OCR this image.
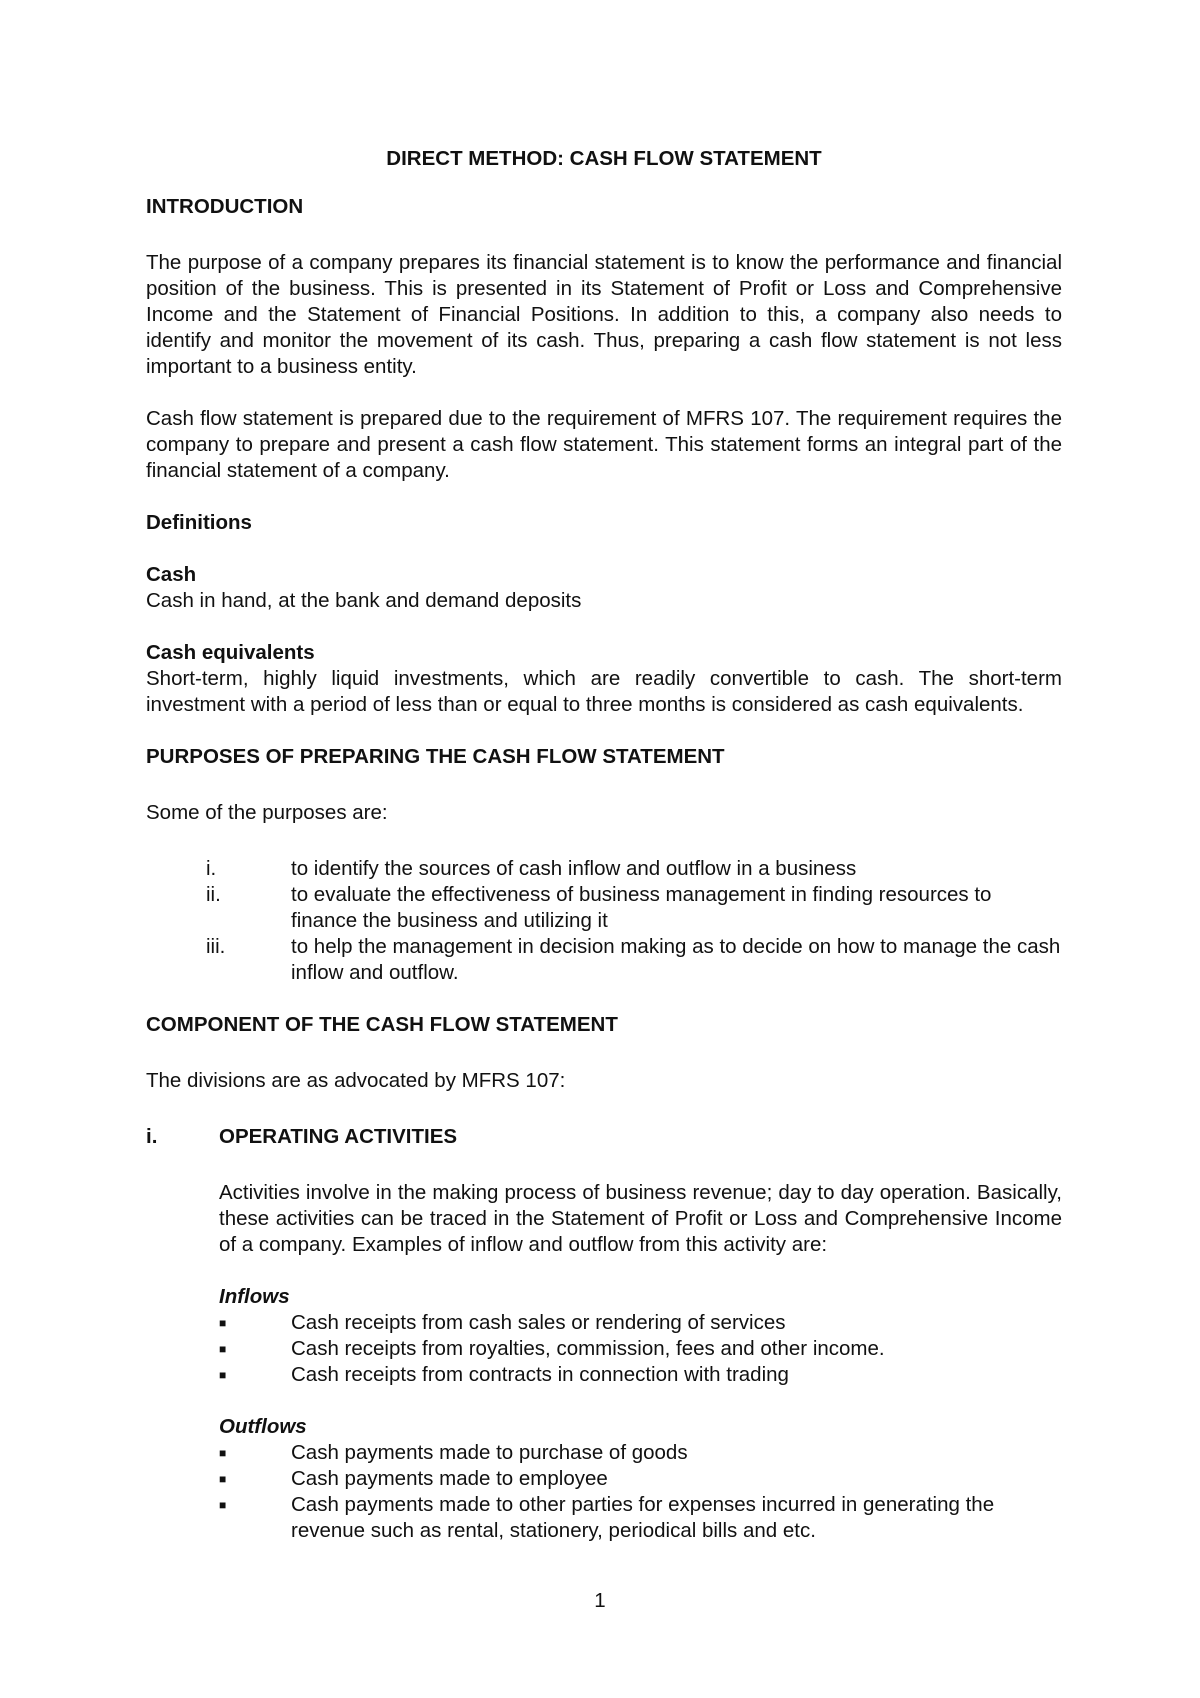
DIRECT METHOD: CASH FLOW STATEMENT

INTRODUCTION

The purpose of a company prepares its financial statement is to know the performance and financial position of the business. This is presented in its Statement of Profit or Loss and Comprehensive Income and the Statement of Financial Positions. In addition to this, a company also needs to identify and monitor the movement of its cash. Thus, preparing a cash flow statement is not less important to a business entity.

Cash flow statement is prepared due to the requirement of MFRS 107. The requirement requires the company to prepare and present a cash flow statement. This statement forms an integral part of the financial statement of a company.

Definitions

Cash

Cash in hand, at the bank and demand deposits

Cash equivalents

Short-term, highly liquid investments, which are readily convertible to cash. The short-term investment with a period of less than or equal to three months is considered as cash equivalents.

PURPOSES OF PREPARING THE CASH FLOW STATEMENT

Some of the purposes are:

i.	to identify the sources of cash inflow and outflow in a business
ii.	to evaluate the effectiveness of business management in finding resources to finance the business and utilizing it
iii.	to help the management in decision making as to decide on how to manage the cash inflow and outflow.

COMPONENT OF THE CASH FLOW STATEMENT

The divisions are as advocated by MFRS 107:

i.	OPERATING ACTIVITIES

Activities involve in the making process of business revenue; day to day operation. Basically, these activities can be traced in the Statement of Profit or Loss and Comprehensive Income of a company. Examples of inflow and outflow from this activity are:

Inflows

■	Cash receipts from cash sales or rendering of services
■	Cash receipts from royalties, commission, fees and other income.
■	Cash receipts from contracts in connection with trading

Outflows

■	Cash payments made to purchase of goods
■	Cash payments made to employee
■	Cash payments made to other parties for expenses incurred in generating the revenue such as rental, stationery, periodical bills and etc.
1
